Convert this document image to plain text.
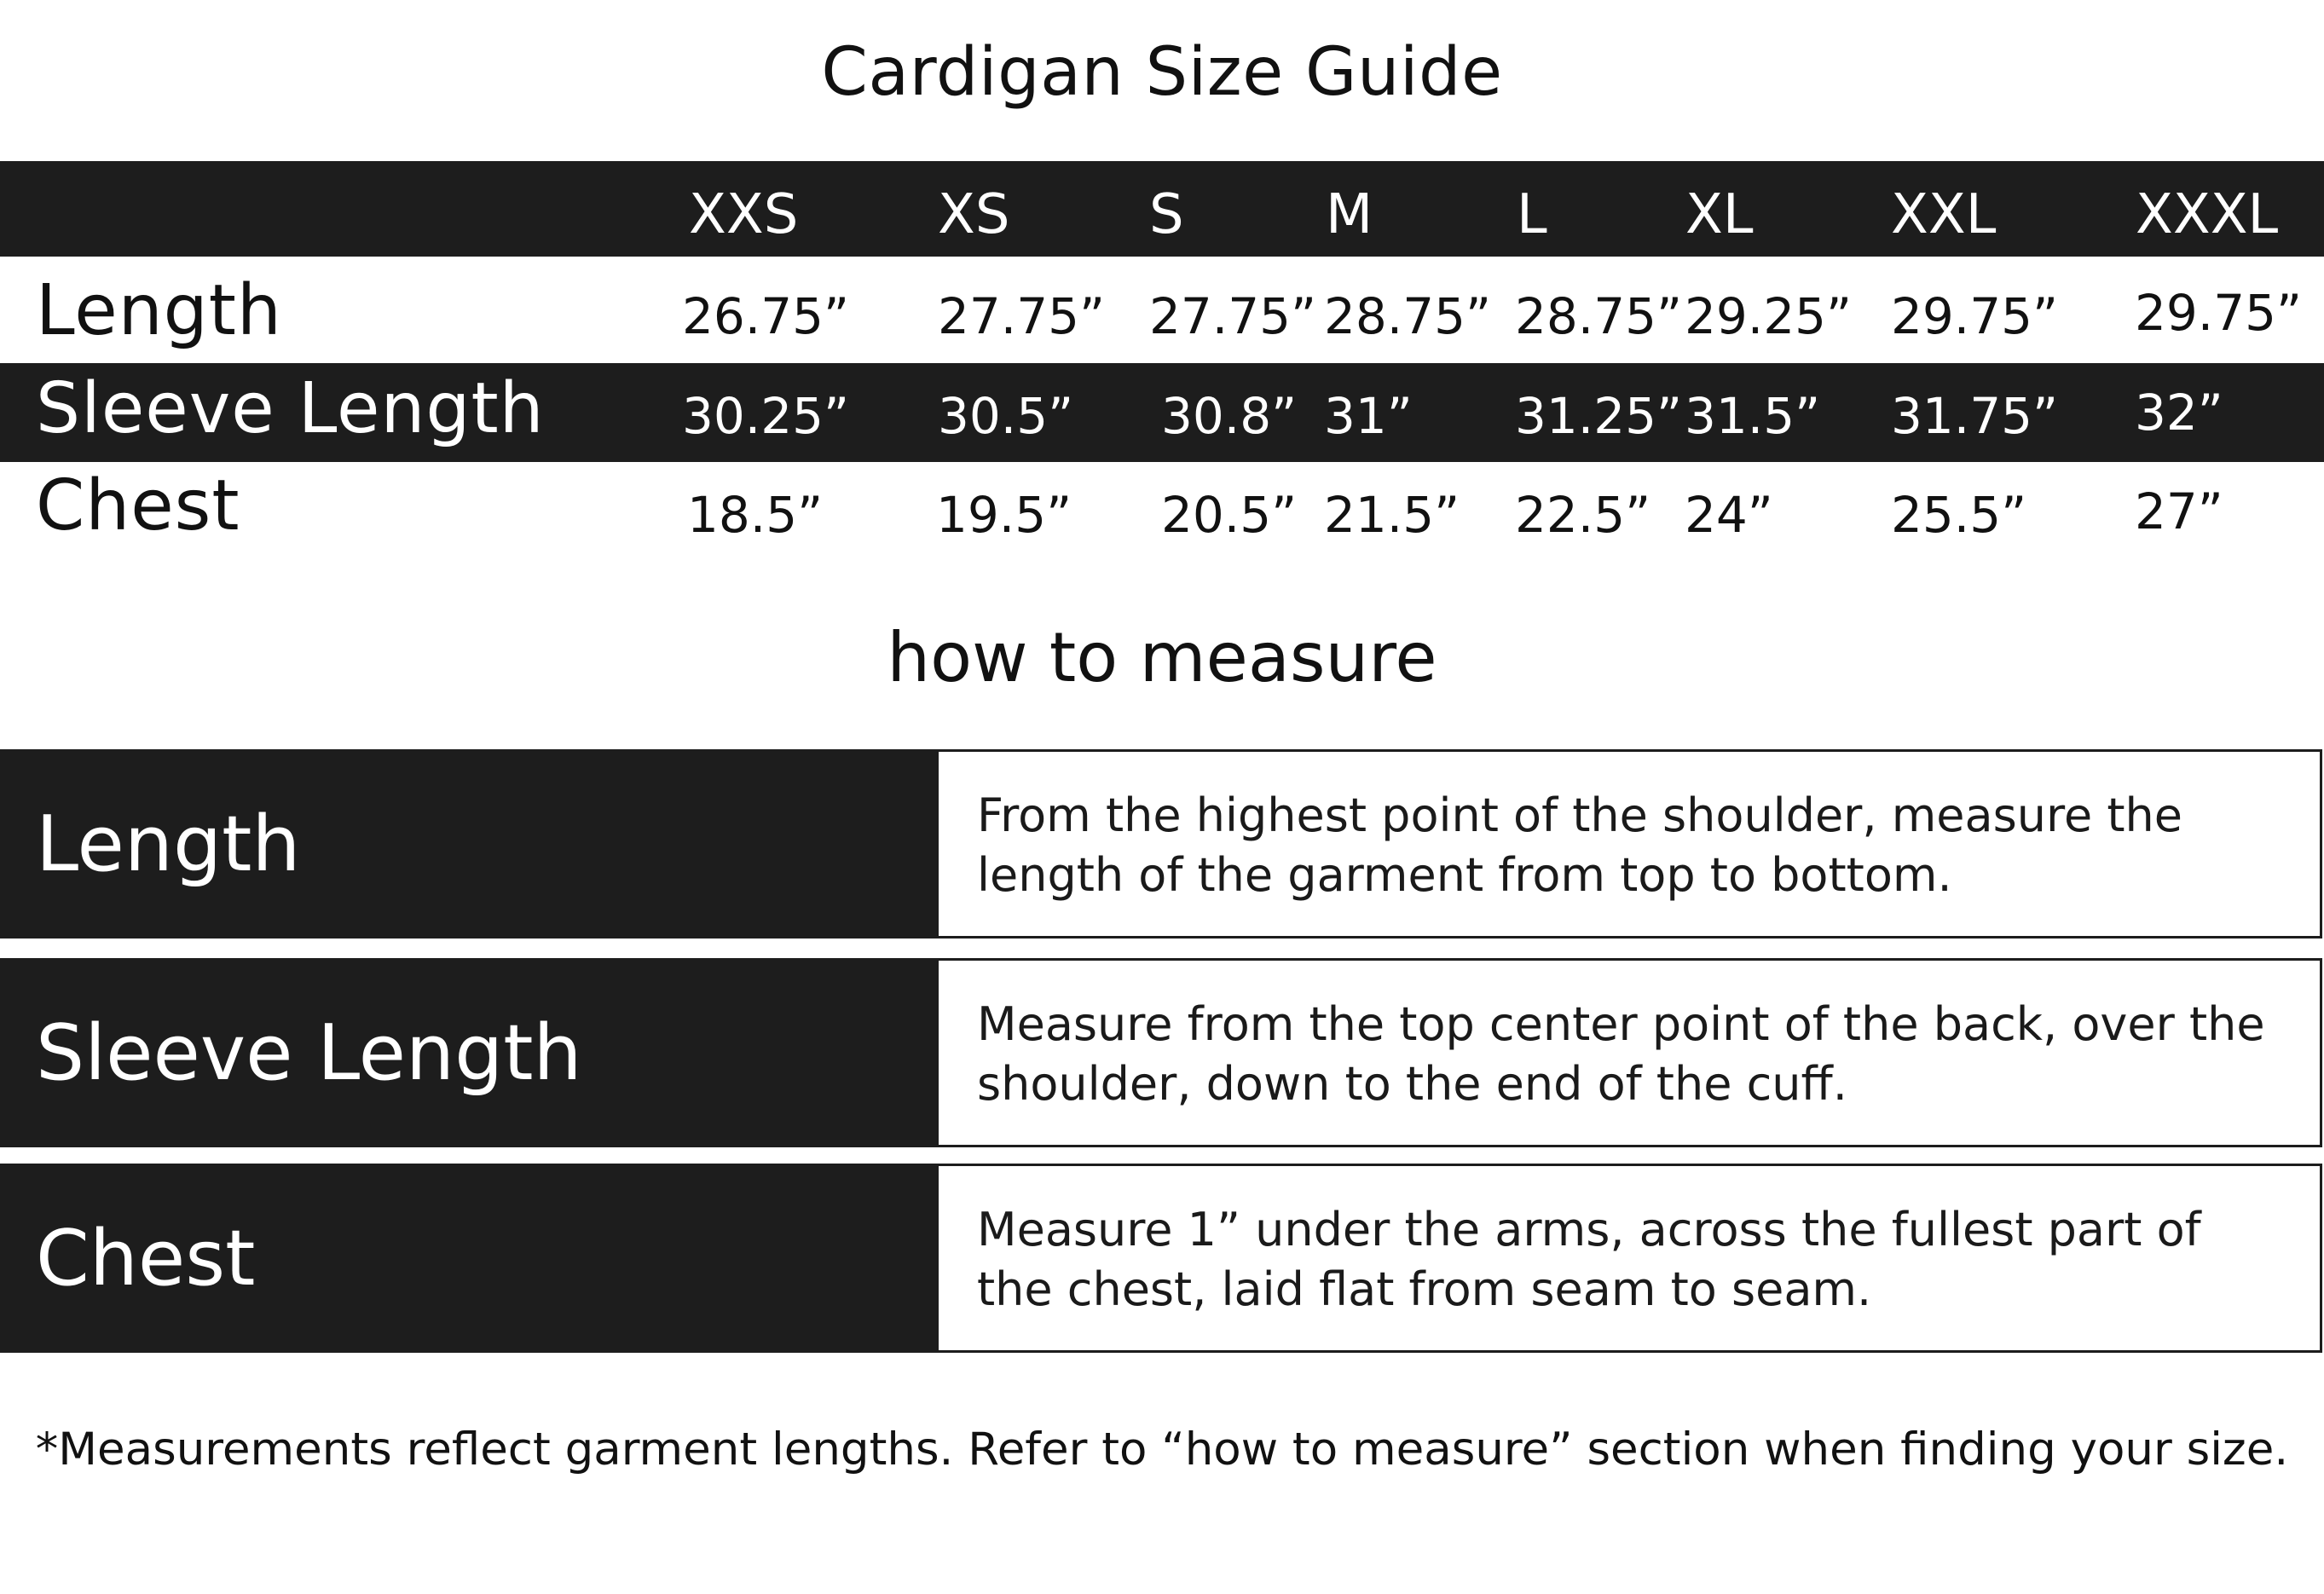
Cardigan Size Guide
XXS	XS	S	M	L	XL	XXL	XXXL
Length	26.75” 27.75” 27.75” 28.75” 28.75” 29.25” 29.75” 29.75”
Sleeve Length	30.25” 30.5” 30.8” 31” 31.25” 31.5” 31.75” 32”
Chest	18.5” 19.5” 20.5” 21.5” 22.5” 24” 25.5” 27”
how to measure
Length	From the highest point of the shoulder, measure the length of the garment from top to bottom.
Sleeve Length	Measure from the top center point of the back, over the shoulder, down to the end of the cuff.
Chest	Measure 1” under the arms, across the fullest part of the chest, laid flat from seam to seam.
*Measurements reflect garment lengths. Refer to “how to measure” section when finding your size.
